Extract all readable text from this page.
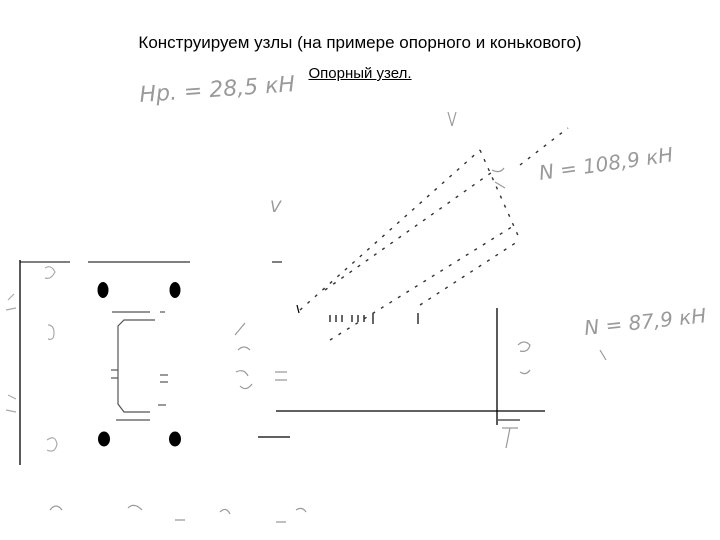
Конструируем узлы (на примере опорного и конькового)
Опорный узел.
Нр. = 28,5 кН
N = 108,9 кН
N = 87,9 кН
V
